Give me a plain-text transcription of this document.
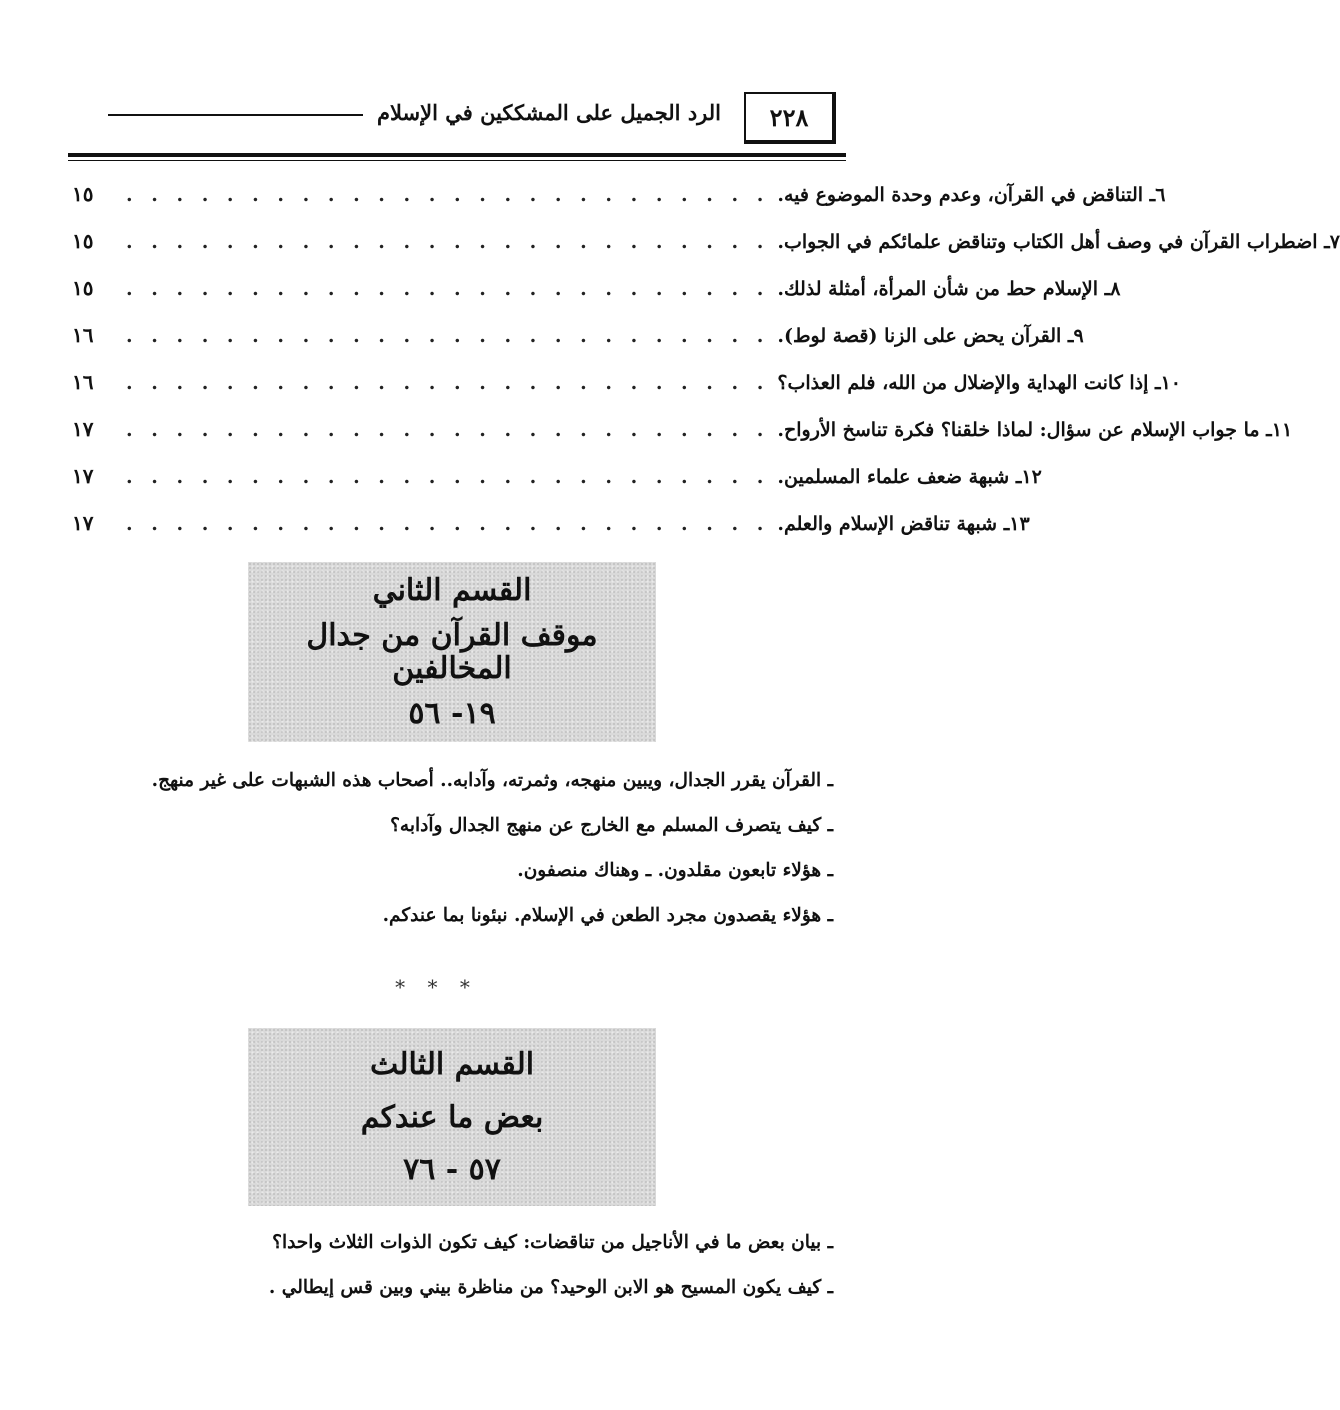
٢٢٨
الرد الجميل على المشككين في الإسلام
١٥	. . . . . . . . . . . . . . . . . . . . . . . . . .	٦ـ التناقض في القرآن، وعدم وحدة الموضوع فيه.
١٥	. . . . . . . . . . . . . . . . . . . . . . . . . .	٧ـ اضطراب القرآن في وصف أهل الكتاب وتناقض علمائكم في الجواب.
١٥	. . . . . . . . . . . . . . . . . . . . . . . . . .	٨ـ الإسلام حط من شأن المرأة، أمثلة لذلك.
١٦	. . . . . . . . . . . . . . . . . . . . . . . . . .	٩ـ القرآن يحض على الزنا (قصة لوط).
١٦	. . . . . . . . . . . . . . . . . . . . . . . . . .	١٠ـ إذا كانت الهداية والإضلال من الله، فلم العذاب؟
١٧	. . . . . . . . . . . . . . . . . . . . . . . . . .	١١ـ ما جواب الإسلام عن سؤال: لماذا خلقنا؟ فكرة تناسخ الأرواح.
١٧	. . . . . . . . . . . . . . . . . . . . . . . . . .	١٢ـ شبهة ضعف علماء المسلمين.
١٧	. . . . . . . . . . . . . . . . . . . . . . . . . .	١٣ـ شبهة تناقض الإسلام والعلم.
القسم الثاني
موقف القرآن من جدال المخالفين
١٩- ٥٦
ـ القرآن يقرر الجدال، ويبين منهجه، وثمرته، وآدابه.. أصحاب هذه الشبهات على غير منهج.
ـ كيف يتصرف المسلم مع الخارج عن منهج الجدال وآدابه؟
ـ هؤلاء تابعون مقلدون. ـ وهناك منصفون.
ـ هؤلاء يقصدون مجرد الطعن في الإسلام. نبئونا بما عندكم.
* * *
القسم الثالث
بعض ما عندكم
٥٧ - ٧٦
ـ بيان بعض ما في الأناجيل من تناقضات: كيف تكون الذوات الثلاث واحدا؟
ـ كيف يكون المسيح هو الابن الوحيد؟ من مناظرة بيني وبين قس إيطالي .
